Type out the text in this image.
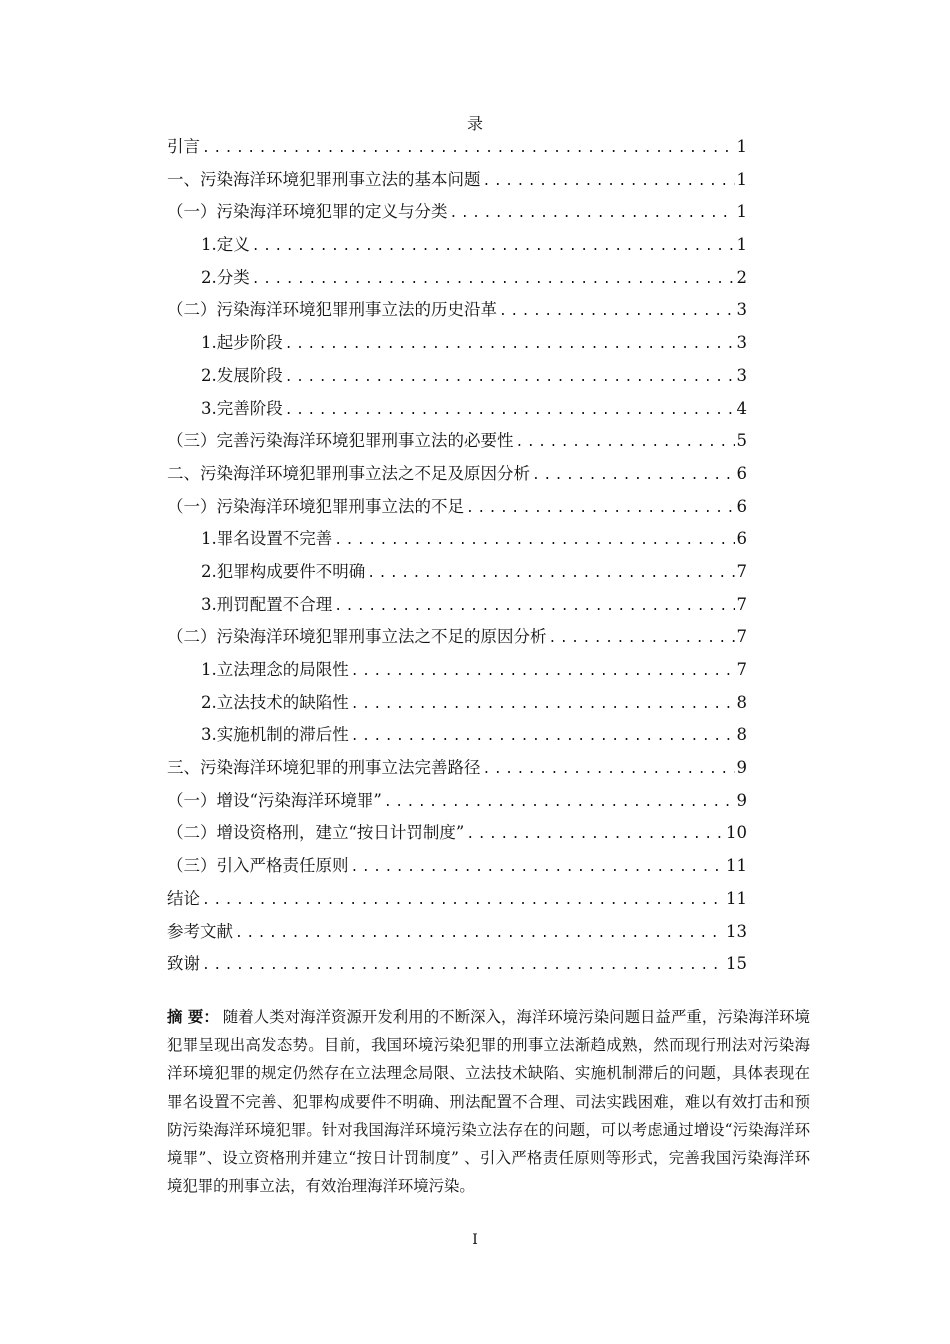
录
引言 .....	1
一、污染海洋环境犯罪刑事立法的基本问题 .....	1
（一）污染海洋环境犯罪的定义与分类 .....	1
1.定义 .....	1
2.分类 .....	2
（二）污染海洋环境犯罪刑事立法的历史沿革 .....	3
1.起步阶段 .....	3
2.发展阶段 .....	3
3.完善阶段 .....	4
（三）完善污染海洋环境犯罪刑事立法的必要性 .....	5
二、污染海洋环境犯罪刑事立法之不足及原因分析 .....	6
（一）污染海洋环境犯罪刑事立法的不足 .....	6
1.罪名设置不完善 .....	6
2.犯罪构成要件不明确 .....	7
3.刑罚配置不合理 .....	7
（二）污染海洋环境犯罪刑事立法之不足的原因分析 .....	7
1.立法理念的局限性 .....	7
2.立法技术的缺陷性 .....	8
3.实施机制的滞后性 .....	8
三、污染海洋环境犯罪的刑事立法完善路径 .....	9
（一）增设“污染海洋环境罪” .....	9
（二）增设资格刑，建立“按日计罚制度” .....	10
（三）引入严格责任原则 .....	11
结论 .....	11
参考文献 .....	13
致谢 .....	15

摘 要： 随着人类对海洋资源开发利用的不断深入，海洋环境污染问题日益严重，污染海洋环境犯罪呈现出高发态势。目前，我国环境污染犯罪的刑事立法渐趋成熟，然而现行刑法对污染海洋环境犯罪的规定仍然存在立法理念局限、立法技术缺陷、实施机制滞后的问题，具体表现在罪名设置不完善、犯罪构成要件不明确、刑法配置不合理、司法实践困难，难以有效打击和预防污染海洋环境犯罪。针对我国海洋环境污染立法存在的问题，可以考虑通过增设“污染海洋环境罪”、设立资格刑并建立“按日计罚制度” 、引入严格责任原则等形式，完善我国污染海洋环境犯罪的刑事立法，有效治理海洋环境污染。

I
